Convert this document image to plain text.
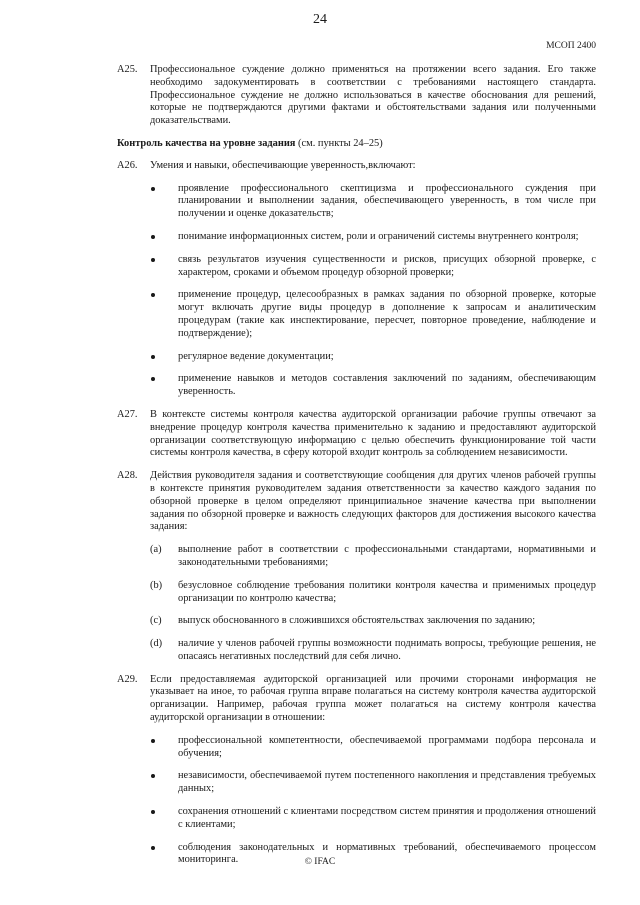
24
МСОП 2400
A25. Профессиональное суждение должно применяться на протяжении всего задания. Его также необходимо задокументировать в соответствии с требованиями настоящего стандарта. Профессиональное суждение не должно использоваться в качестве обоснования для решений, которые не подтверждаются другими фактами и обстоятельствами задания или полученными доказательствами.
Контроль качества на уровне задания (см. пункты 24–25)
A26. Умения и навыки, обеспечивающие уверенность,включают:
проявление профессионального скептицизма и профессионального суждения при планировании и выполнении задания, обеспечивающего уверенность, в том числе при получении и оценке доказательств;
понимание информационных систем, роли и ограничений системы внутреннего контроля;
связь результатов изучения существенности и рисков, присущих обзорной проверке, с характером, сроками и объемом процедур обзорной проверки;
применение процедур, целесообразных в рамках задания по обзорной проверке, которые могут включать другие виды процедур в дополнение к запросам и аналитическим процедурам (такие как инспектирование, пересчет, повторное проведение, наблюдение и подтверждение);
регулярное ведение документации;
применение навыков и методов составления заключений по заданиям, обеспечивающим уверенность.
A27. В контексте системы контроля качества аудиторской организации рабочие группы отвечают за внедрение процедур контроля качества применительно к заданию и предоставляют аудиторской организации соответствующую информацию с целью обеспечить функционирование той части системы контроля качества, в сферу которой входит контроль за соблюдением независимости.
A28. Действия руководителя задания и соответствующие сообщения для других членов рабочей группы в контексте принятия руководителем задания ответственности за качество каждого задания по обзорной проверке в целом определяют принципиальное значение качества при выполнении задания по обзорной проверке и важность следующих факторов для достижения высокого качества задания:
(a)	выполнение работ в соответствии с профессиональными стандартами, нормативными и законодательными требованиями;
(b)	безусловное соблюдение требования политики контроля качества и применимых процедур организации по контролю качества;
(c)	выпуск обоснованного в сложившихся обстоятельствах заключения по заданию;
(d)	наличие у членов рабочей группы возможности поднимать вопросы, требующие решения, не опасаясь негативных последствий для себя лично.
A29. Если предоставляемая аудиторской организацией или прочими сторонами информация не указывает на иное, то рабочая группа вправе полагаться на систему контроля качества аудиторской организации. Например, рабочая группа может полагаться на систему контроля качества аудиторской организации в отношении:
профессиональной компетентности, обеспечиваемой программами подбора персонала и обучения;
независимости, обеспечиваемой путем постепенного накопления и представления требуемых данных;
сохранения отношений с клиентами посредством систем принятия и продолжения отношений с клиентами;
соблюдения законодательных и нормативных требований, обеспечиваемого процессом мониторинга.	© IFAC
